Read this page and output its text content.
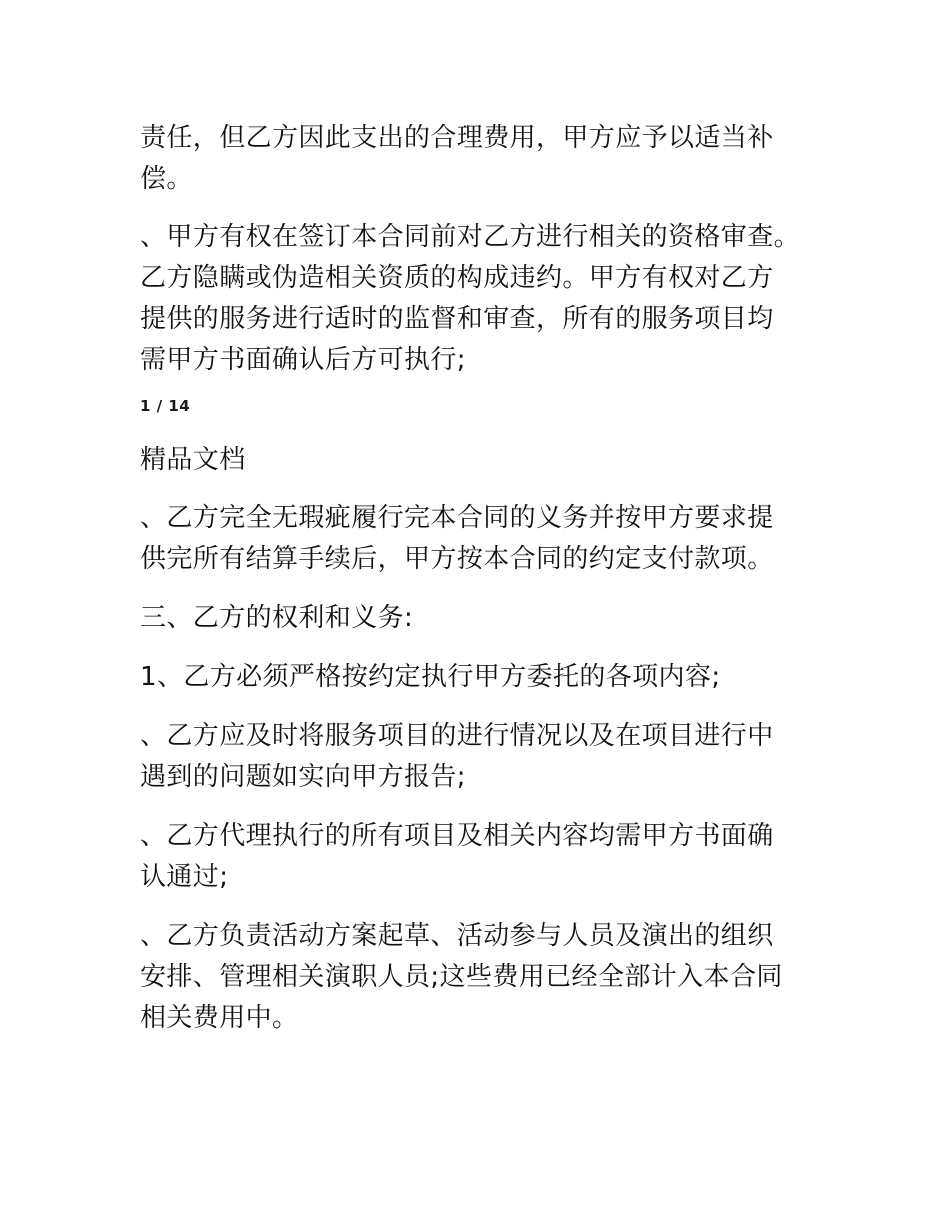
责任，但乙方因此支出的合理费用，甲方应予以适当补
偿。

、甲方有权在签订本合同前对乙方进行相关的资格审查。
乙方隐瞒或伪造相关资质的构成违约。甲方有权对乙方
提供的服务进行适时的监督和审查，所有的服务项目均
需甲方书面确认后方可执行;

1 / 14
精品文档

、乙方完全无瑕疵履行完本合同的义务并按甲方要求提
供完所有结算手续后，甲方按本合同的约定支付款项。

三、乙方的权利和义务:

1、乙方必须严格按约定执行甲方委托的各项内容;

、乙方应及时将服务项目的进行情况以及在项目进行中
遇到的问题如实向甲方报告;

、乙方代理执行的所有项目及相关内容均需甲方书面确
认通过;

、乙方负责活动方案起草、活动参与人员及演出的组织
安排、管理相关演职人员;这些费用已经全部计入本合同
相关费用中。
